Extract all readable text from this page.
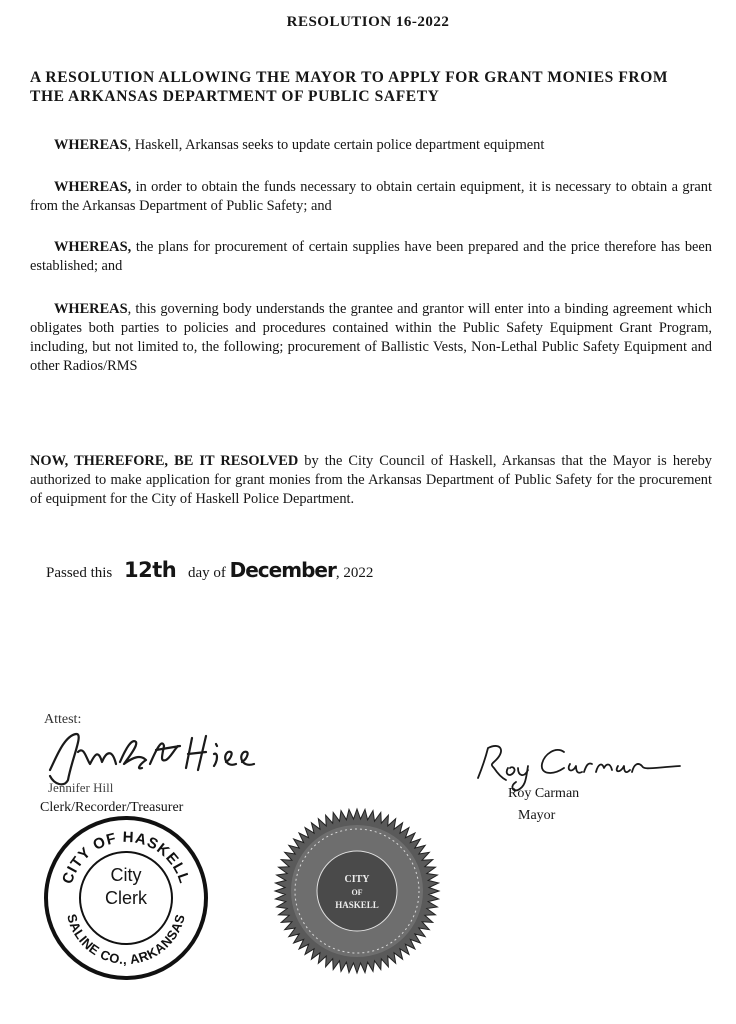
RESOLUTION 16-2022
A RESOLUTION ALLOWING THE MAYOR TO APPLY FOR GRANT MONIES FROM THE ARKANSAS DEPARTMENT OF PUBLIC SAFETY
WHEREAS, Haskell, Arkansas seeks to update certain police department equipment
WHEREAS, in order to obtain the funds necessary to obtain certain equipment, it is necessary to obtain a grant from the Arkansas Department of Public Safety; and
WHEREAS, the plans for procurement of certain supplies have been prepared and the price therefore has been established; and
WHEREAS, this governing body understands the grantee and grantor will enter into a binding agreement which obligates both parties to policies and procedures contained within the Public Safety Equipment Grant Program, including, but not limited to, the following; procurement of Ballistic Vests, Non-Lethal Public Safety Equipment and other Radios/RMS
NOW, THEREFORE, BE IT RESOLVED by the City Council of Haskell, Arkansas that the Mayor is hereby authorized to make application for grant monies from the Arkansas Department of Public Safety for the procurement of equipment for the City of Haskell Police Department.
Passed this 12th day of December, 2022
Attest:
Jennifer Hill
Clerk/Recorder/Treasurer
Roy Carman
Mayor
CITY OF HASKELL
SALINE CO., ARKANSAS
City
Clerk
CITY
OF
HASKELL
